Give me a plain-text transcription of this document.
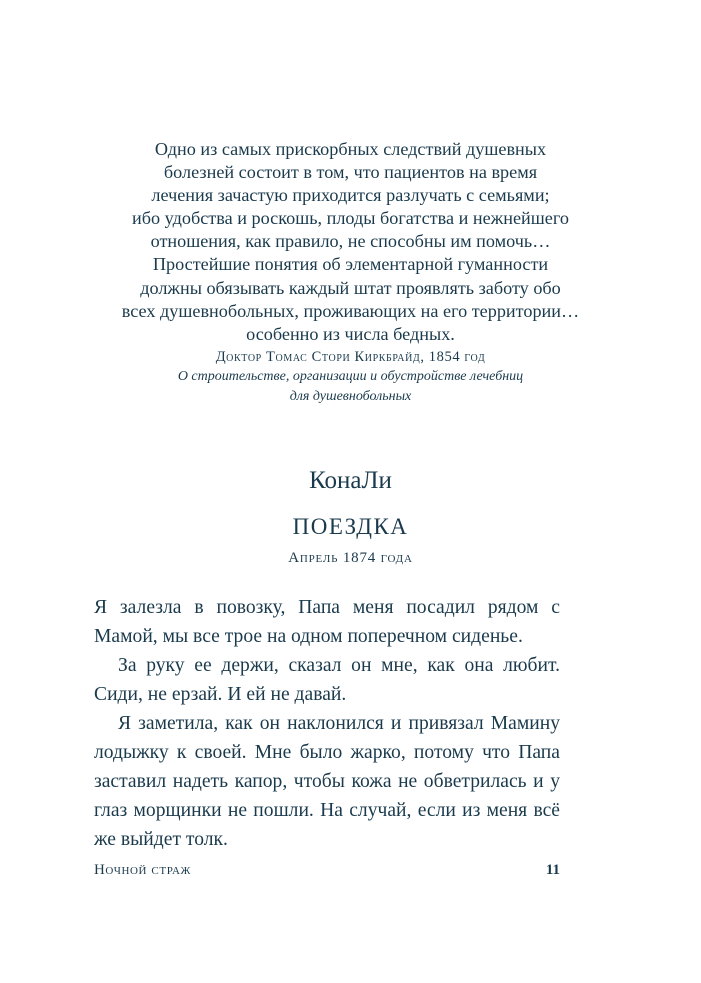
Одно из самых прискорбных следствий душевных
болезней состоит в том, что пациентов на время
лечения зачастую приходится разлучать с семьями;
ибо удобства и роскошь, плоды богатства и нежнейшего
отношения, как правило, не способны им помочь…
Простейшие понятия об элементарной гуманности
должны обязывать каждый штат проявлять заботу обо
всех душевнобольных, проживающих на его территории…
особенно из числа бедных.
Доктор Томас Стори Киркбрайд, 1854 год
О строительстве, организации и обустройстве лечебниц
для душевнобольных
КонаЛи
ПОЕЗДКА
Апрель 1874 года

Я залезла в повозку, Папа меня посадил рядом с Мамой, мы все трое на одном поперечном сиденье.

За руку ее держи, сказал он мне, как она любит. Сиди, не ерзай. И ей не давай.

Я заметила, как он наклонился и привязал Мамину лодыжку к своей. Мне было жарко, потому что Папа заставил надеть капор, чтобы кожа не обветрилась и у глаз морщинки не пошли. На случай, если из меня всё же выйдет толк.

Ночной страж	11
